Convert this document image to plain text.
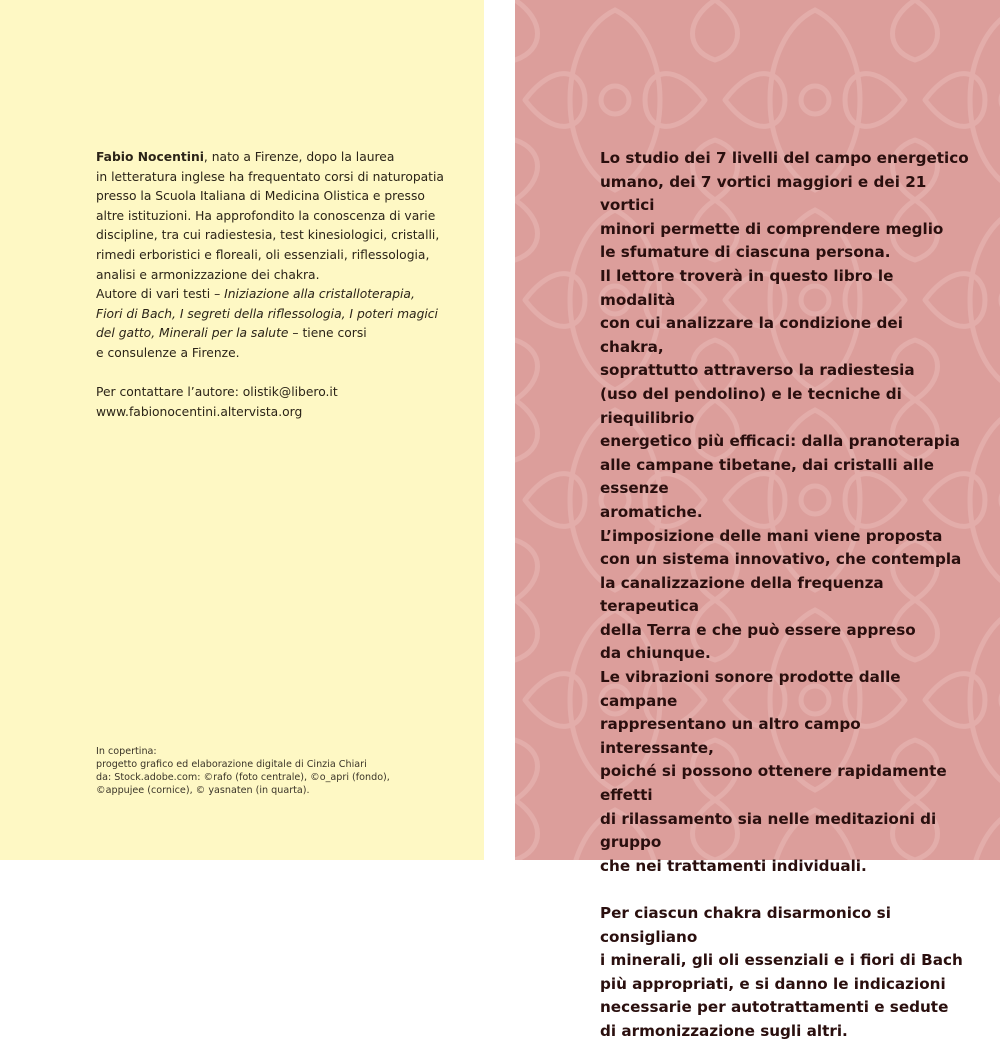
Fabio Nocentini, nato a Firenze, dopo la laurea

in letteratura inglese ha frequentato corsi di naturopatia

presso la Scuola Italiana di Medicina Olistica e presso

altre istituzioni. Ha approfondito la conoscenza di varie

discipline, tra cui radiestesia, test kinesiologici, cristalli,

rimedi erboristici e floreali, oli essenziali, riflessologia,

analisi e armonizzazione dei chakra.

Autore di vari testi – Iniziazione alla cristalloterapia,

Fiori di Bach, I segreti della riflessologia, I poteri magici

del gatto, Minerali per la salute – tiene corsi

e consulenze a Firenze.

Per contattare l’autore: olistik@libero.it

www.fabionocentini.altervista.org

In copertina:

progetto grafico ed elaborazione digitale di Cinzia Chiari

da: Stock.adobe.com: ©rafo (foto centrale), ©o_apri (fondo),

©appujee (cornice), © yasnaten (in quarta).

Lo studio dei 7 livelli del campo energetico

umano, dei 7 vortici maggiori e dei 21 vortici

minori permette di comprendere meglio

le sfumature di ciascuna persona.

Il lettore troverà in questo libro le modalità

con cui analizzare la condizione dei chakra,

soprattutto attraverso la radiestesia

(uso del pendolino) e le tecniche di riequilibrio

energetico più efficaci: dalla pranoterapia

alle campane tibetane, dai cristalli alle essenze

aromatiche.

L’imposizione delle mani viene proposta

con un sistema innovativo, che contempla

la canalizzazione della frequenza terapeutica

della Terra e che può essere appreso

da chiunque.

Le vibrazioni sonore prodotte dalle campane

rappresentano un altro campo interessante,

poiché si possono ottenere rapidamente effetti

di rilassamento sia nelle meditazioni di gruppo

che nei trattamenti individuali.

Per ciascun chakra disarmonico si consigliano

i minerali, gli oli essenziali e i fiori di Bach

più appropriati, e si danno le indicazioni

necessarie per autotrattamenti e sedute

di armonizzazione sugli altri.
